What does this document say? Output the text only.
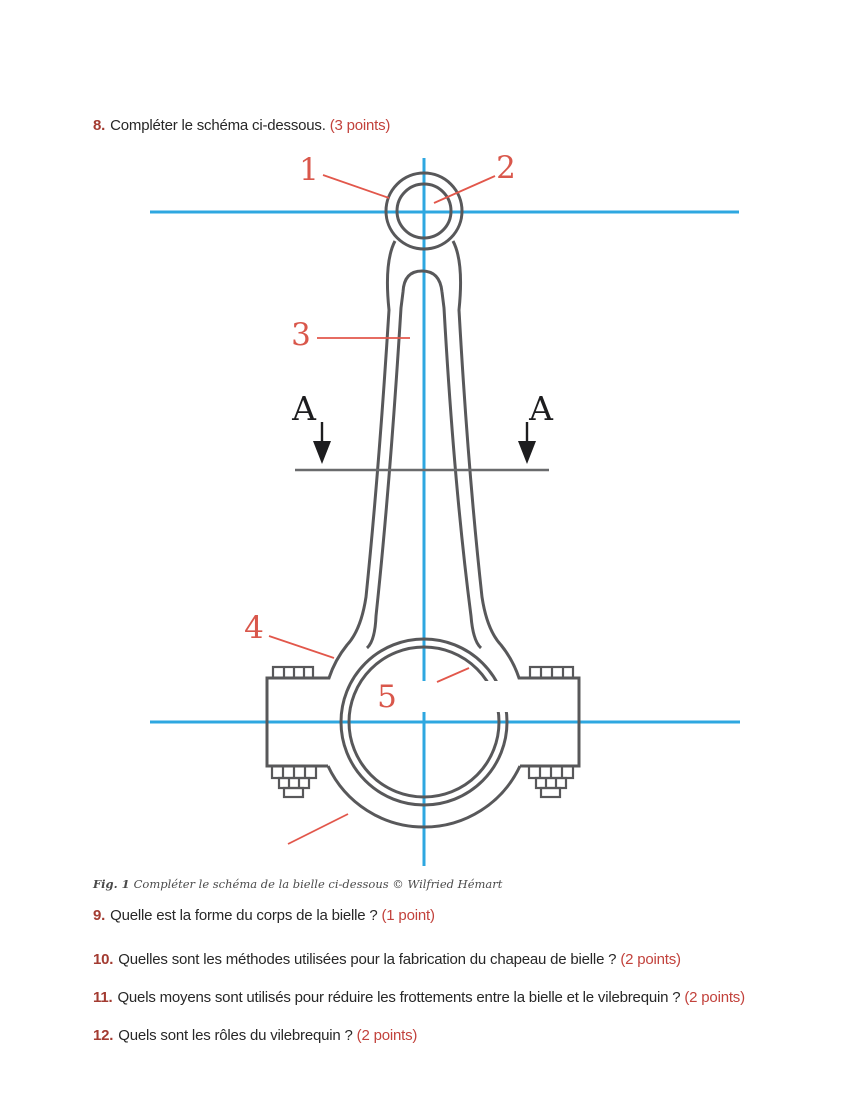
8. Compléter le schéma ci-dessous. (3 points)
A	A
1	2
3
4
5
Fig. 1 Compléter le schéma de la bielle ci-dessous © Wilfried Hémart
9. Quelle est la forme du corps de la bielle ? (1 point)
10. Quelles sont les méthodes utilisées pour la fabrication du chapeau de bielle ? (2 points)
11. Quels moyens sont utilisés pour réduire les frottements entre la bielle et le vilebrequin ? (2 points)
12. Quels sont les rôles du vilebrequin ? (2 points)
